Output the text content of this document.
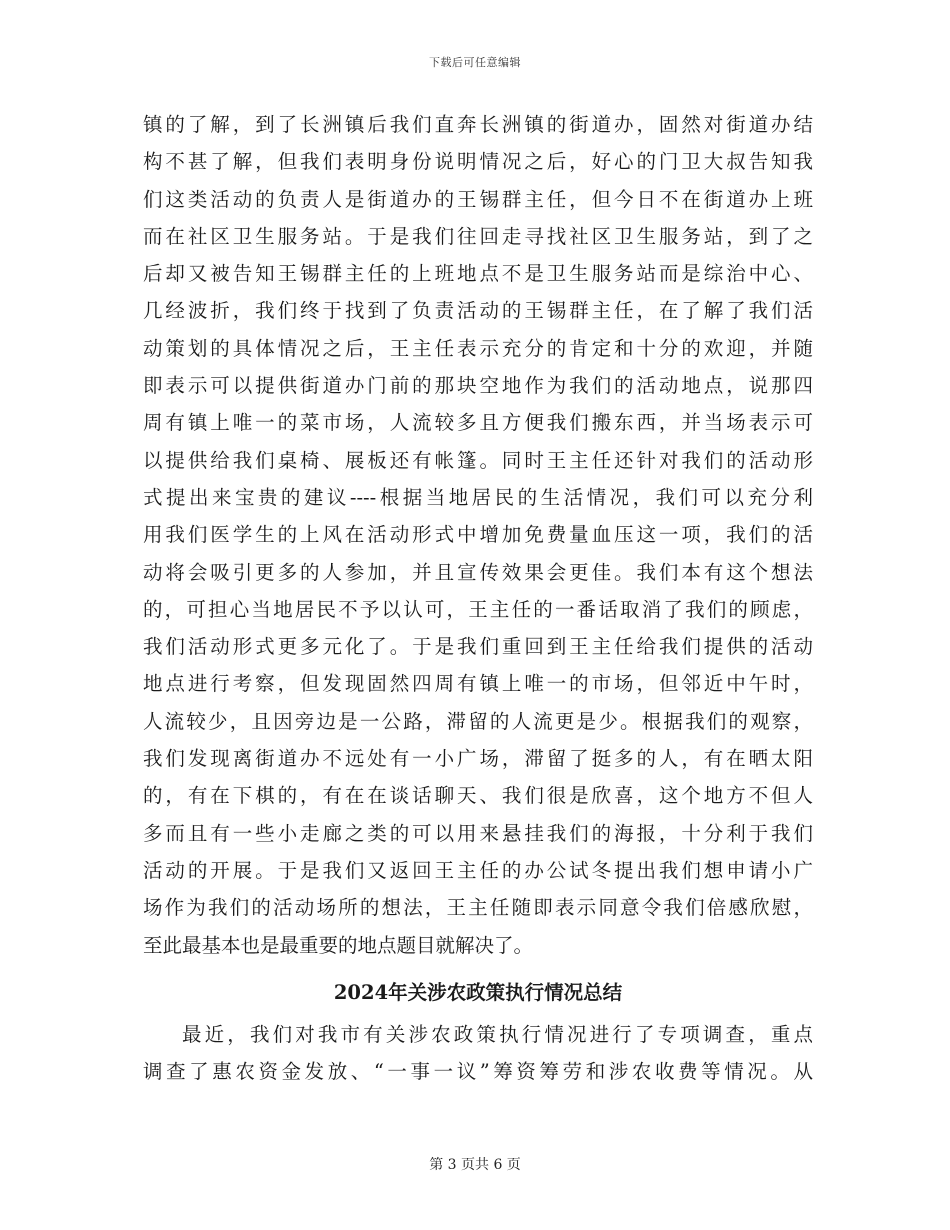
下载后可任意编辑
镇的了解，到了长洲镇后我们直奔长洲镇的街道办，固然对街道办结
构不甚了解，但我们表明身份说明情况之后，好心的门卫大叔告知我
们这类活动的负责人是街道办的王锡群主任，但今日不在街道办上班
而在社区卫生服务站。于是我们往回走寻找社区卫生服务站，到了之
后却又被告知王锡群主任的上班地点不是卫生服务站而是综治中心、
几经波折，我们终于找到了负责活动的王锡群主任，在了解了我们活
动策划的具体情况之后，王主任表示充分的肯定和十分的欢迎，并随
即表示可以提供街道办门前的那块空地作为我们的活动地点，说那四
周有镇上唯一的菜市场，人流较多且方便我们搬东西，并当场表示可
以提供给我们桌椅、展板还有帐篷。同时王主任还针对我们的活动形
式提出来宝贵的建议----根据当地居民的生活情况，我们可以充分利
用我们医学生的上风在活动形式中增加免费量血压这一项，我们的活
动将会吸引更多的人参加，并且宣传效果会更佳。我们本有这个想法
的，可担心当地居民不予以认可，王主任的一番话取消了我们的顾虑，
我们活动形式更多元化了。于是我们重回到王主任给我们提供的活动
地点进行考察，但发现固然四周有镇上唯一的市场，但邻近中午时，
人流较少，且因旁边是一公路，滞留的人流更是少。根据我们的观察，
我们发现离街道办不远处有一小广场，滞留了挺多的人，有在晒太阳
的，有在下棋的，有在在谈话聊天、我们很是欣喜，这个地方不但人
多而且有一些小走廊之类的可以用来悬挂我们的海报，十分利于我们
活动的开展。于是我们又返回王主任的办公试冬提出我们想申请小广
场作为我们的活动场所的想法，王主任随即表示同意令我们倍感欣慰，
至此最基本也是最重要的地点题目就解决了。
2024年关涉农政策执行情况总结
最近，我们对我市有关涉农政策执行情况进行了专项调查，重点
调查了惠农资金发放、“一事一议”筹资筹劳和涉农收费等情况。从
第 3 页共 6 页
